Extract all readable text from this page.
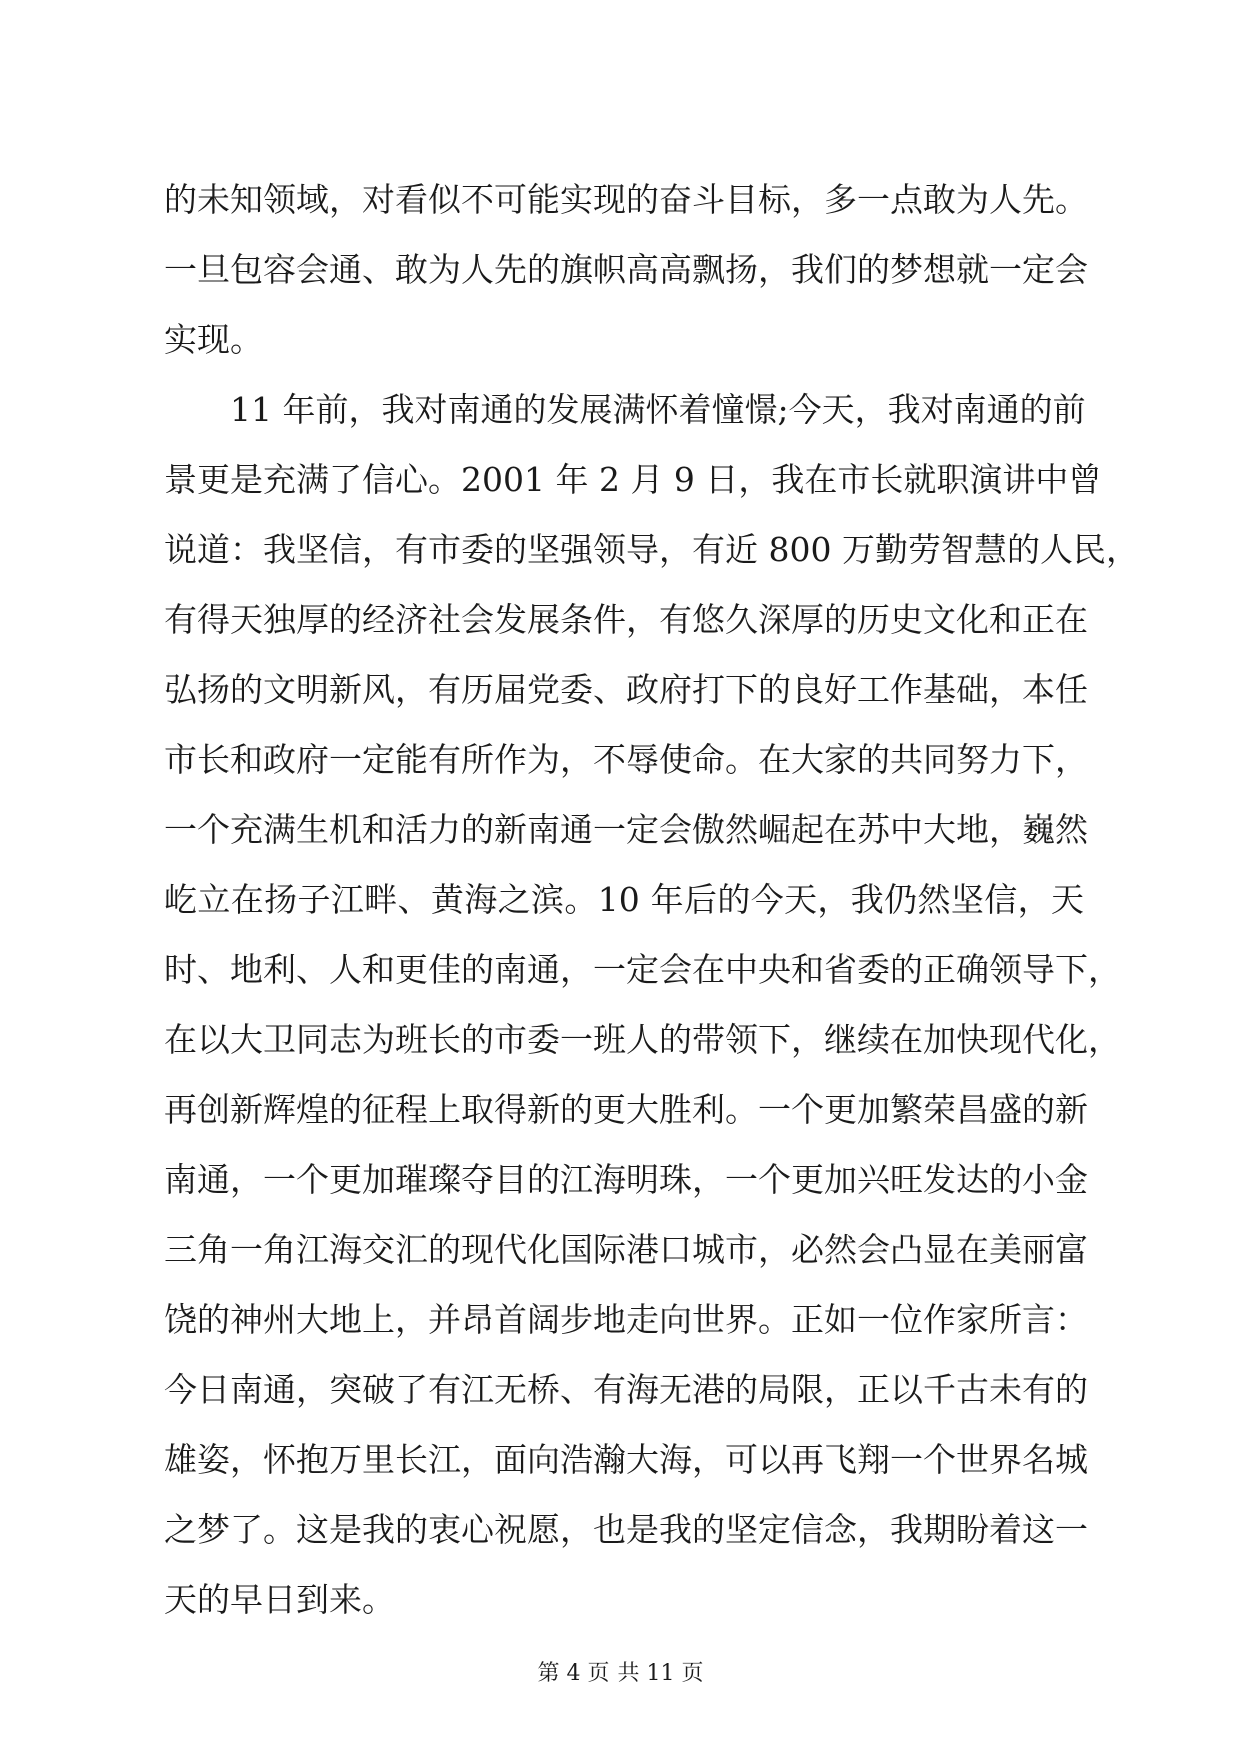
的未知领域，对看似不可能实现的奋斗目标，多一点敢为人先。
一旦包容会通、敢为人先的旗帜高高飘扬，我们的梦想就一定会
实现。
11 年前，我对南通的发展满怀着憧憬;今天，我对南通的前
景更是充满了信心。2001 年 2 月 9 日，我在市长就职演讲中曾
说道：我坚信，有市委的坚强领导，有近 800 万勤劳智慧的人民，
有得天独厚的经济社会发展条件，有悠久深厚的历史文化和正在
弘扬的文明新风，有历届党委、政府打下的良好工作基础，本任
市长和政府一定能有所作为，不辱使命。在大家的共同努力下，
一个充满生机和活力的新南通一定会傲然崛起在苏中大地，巍然
屹立在扬子江畔、黄海之滨。10 年后的今天，我仍然坚信，天
时、地利、人和更佳的南通，一定会在中央和省委的正确领导下，
在以大卫同志为班长的市委一班人的带领下，继续在加快现代化，
再创新辉煌的征程上取得新的更大胜利。一个更加繁荣昌盛的新
南通，一个更加璀璨夺目的江海明珠，一个更加兴旺发达的小金
三角一角江海交汇的现代化国际港口城市，必然会凸显在美丽富
饶的神州大地上，并昂首阔步地走向世界。正如一位作家所言：
今日南通，突破了有江无桥、有海无港的局限，正以千古未有的
雄姿，怀抱万里长江，面向浩瀚大海，可以再飞翔一个世界名城
之梦了。这是我的衷心祝愿，也是我的坚定信念，我期盼着这一
天的早日到来。
第 4 页 共 11 页
